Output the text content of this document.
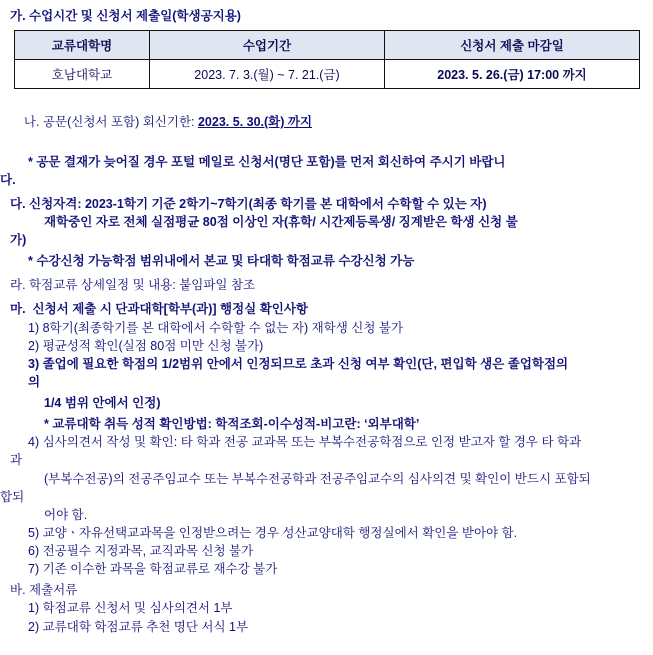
가. 수업시간 및 신청서 제출일(학생공지용)
교류대학명	수업기간	신청서 제출 마감일
호남대학교	2023. 7. 3.(월) ~ 7. 21.(금)	2023. 5. 26.(금) 17:00 까지

나. 공문(신청서 포함) 회신기한: 2023. 5. 30.(화) 까지

* 공문 결재가 늦어질 경우 포털 메일로 신청서(명단 포함)를 먼저 회신하여 주시기 바랍니
다.
다. 신청자격: 2023-1학기 기준 2학기~7학기(최종 학기를 본 대학에서 수학할 수 있는 자)
재학중인 자로 전체 실점평균 80점 이상인 자(휴학/ 시간제등록생/ 징계받은 학생 신청 불
가)
* 수강신청 가능학점 범위내에서 본교 및 타대학 학점교류 수강신청 가능
라. 학점교류 상세일정 및 내용: 붙임파일 참조
마.  신청서 제출 시 단과대학[학부(과)] 행정실 확인사항
1) 8학기(최종학기를 본 대학에서 수학할 수 없는 자) 재학생 신청 불가
2) 평균성적 확인(실점 80점 미만 신청 불가)
3) 졸업에 필요한 학점의 1/2범위 안에서 인정되므로 초과 신청 여부 확인(단, 편입학 생은 졸업학점의
의
1/4 범위 안에서 인정)
* 교류대학 취득 성적 확인방법: 학적조회-이수성적-비고란: ‘외부대학’
4) 심사의견서 작성 및 확인: 타 학과 전공 교과목 또는 부복수전공학점으로 인정 받고자 할 경우 타 학과
과
(부복수전공)의 전공주임교수 또는 부복수전공학과 전공주임교수의 심사의견 및 확인이 반드시 포함되
합되
어야 함.
5) 교양ㆍ자유선택교과목을 인정받으려는 경우 성산교양대학 행정실에서 확인을 받아야 함.
6) 전공필수 지정과목, 교직과목 신청 불가
7) 기존 이수한 과목을 학점교류로 재수강 불가
바. 제출서류
1) 학점교류 신청서 및 심사의견서 1부
2) 교류대학 학점교류 추천 명단 서식 1부
